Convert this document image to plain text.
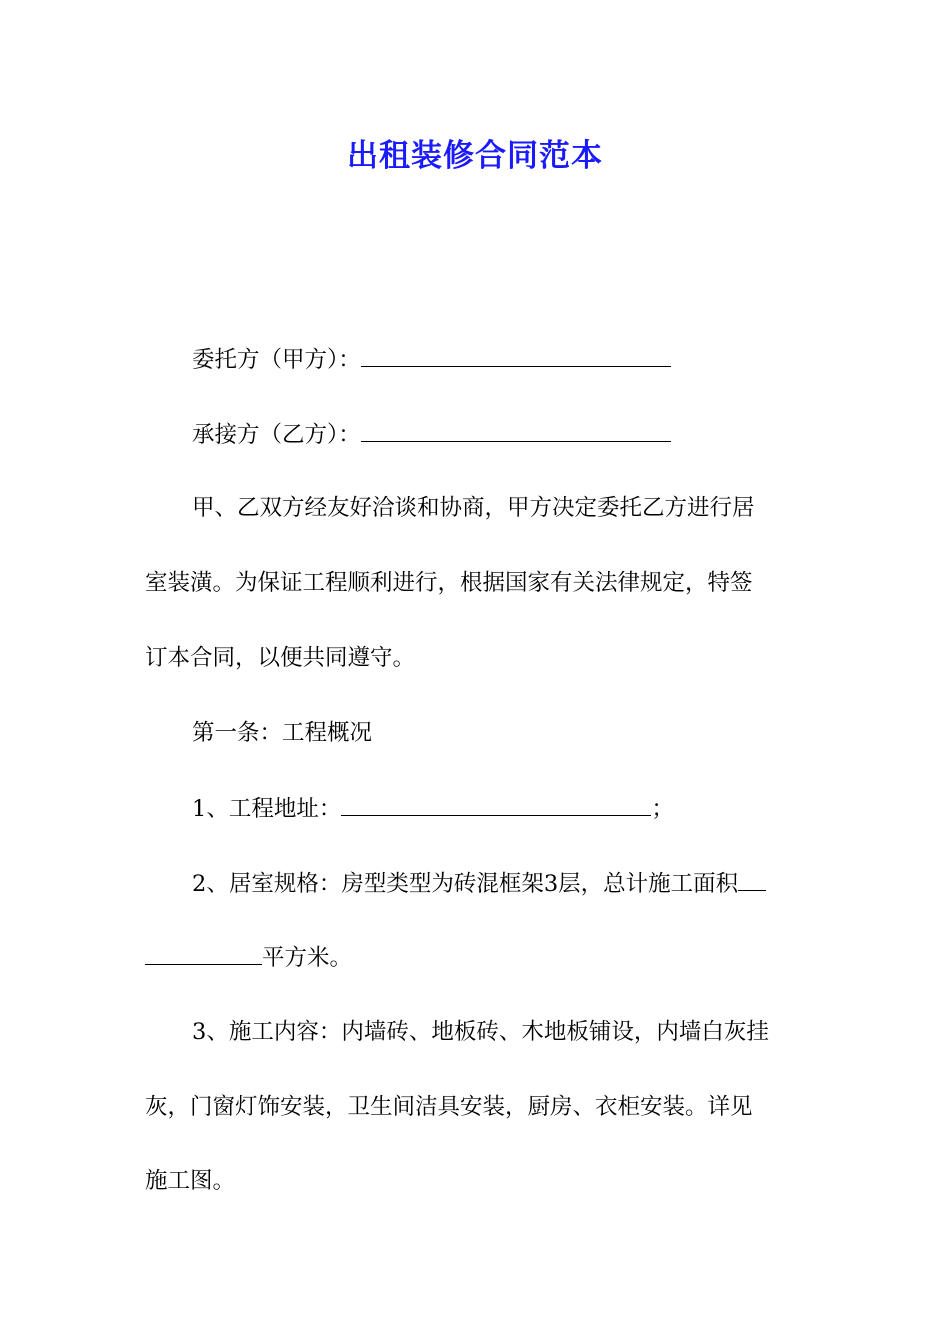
出租装修合同范本
委托方（甲方）：
承接方（乙方）：
甲、乙双方经友好洽谈和协商，甲方决定委托乙方进行居
室装潢。为保证工程顺利进行，根据国家有关法律规定，特签
订本合同，以便共同遵守。
第一条：工程概况
1、工程地址：	；
2、居室规格：房型类型为砖混框架3层，总计施工面积
平方米。
3、施工内容：内墙砖、地板砖、木地板铺设，内墙白灰挂
灰，门窗灯饰安装，卫生间洁具安装，厨房、衣柜安装。详见
施工图。
